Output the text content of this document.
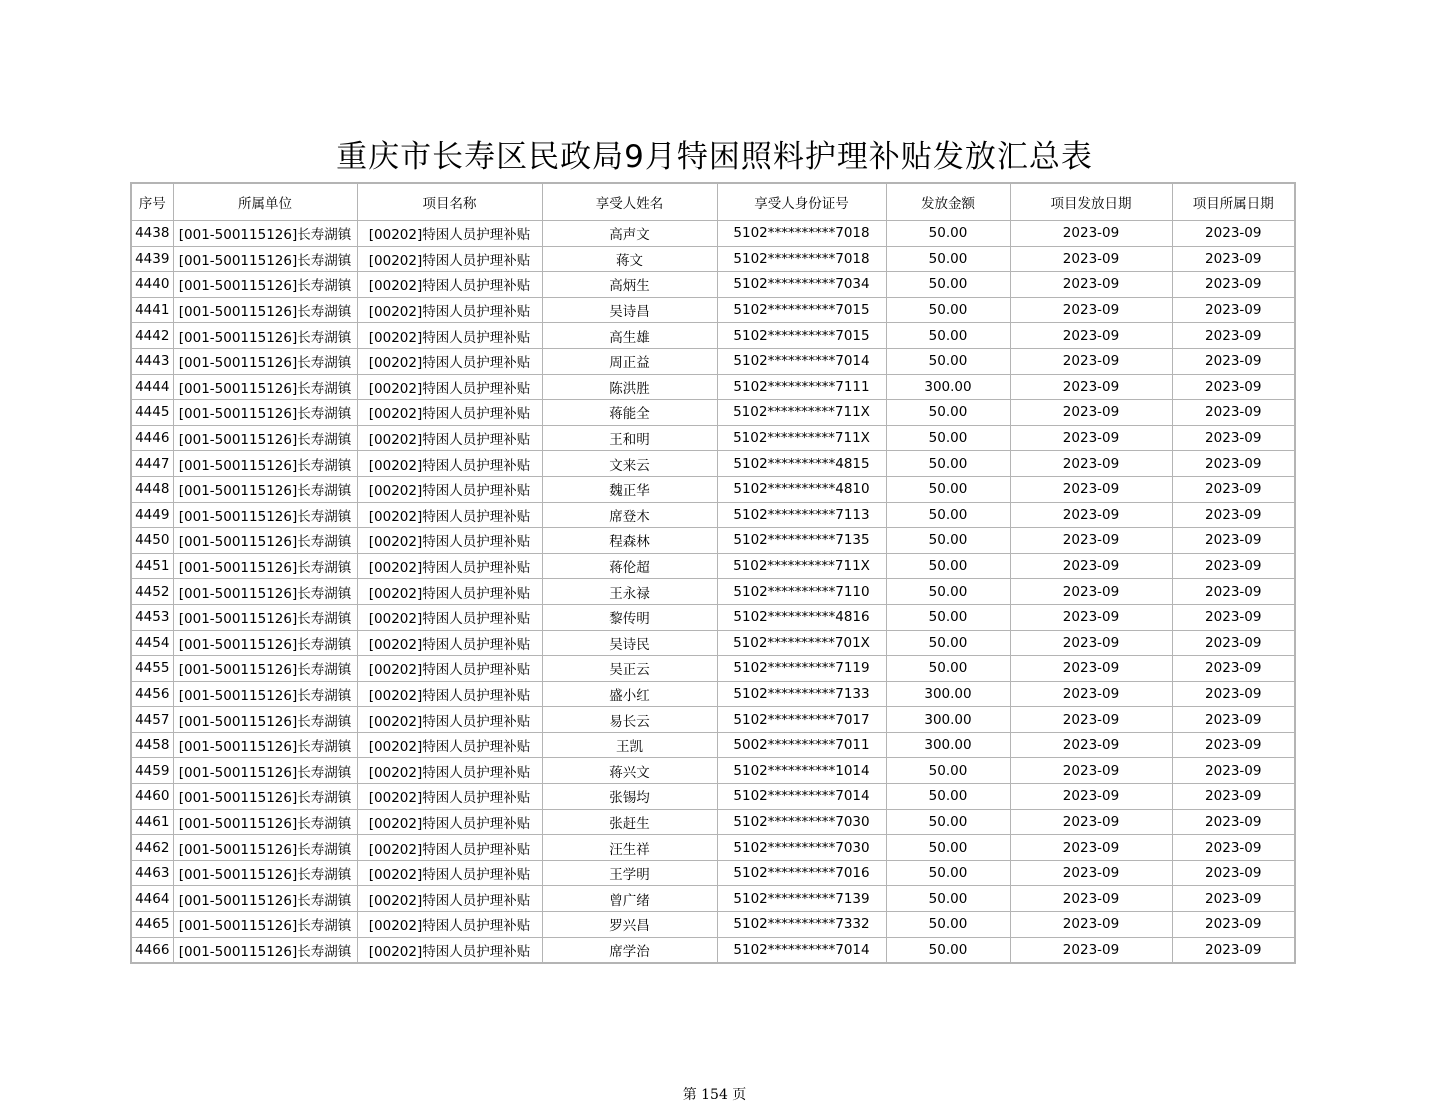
重庆市长寿区民政局9月特困照料护理补贴发放汇总表
序号	所属单位	项目名称	享受人姓名	享受人身份证号	发放金额	项目发放日期	项目所属日期
4438	[001-500115126]长寿湖镇	[00202]特困人员护理补贴	高声文	5102**********7018	50.00	2023-09	2023-09
4439	[001-500115126]长寿湖镇	[00202]特困人员护理补贴	蒋文	5102**********7018	50.00	2023-09	2023-09
4440	[001-500115126]长寿湖镇	[00202]特困人员护理补贴	高炳生	5102**********7034	50.00	2023-09	2023-09
4441	[001-500115126]长寿湖镇	[00202]特困人员护理补贴	吴诗昌	5102**********7015	50.00	2023-09	2023-09
4442	[001-500115126]长寿湖镇	[00202]特困人员护理补贴	高生雄	5102**********7015	50.00	2023-09	2023-09
4443	[001-500115126]长寿湖镇	[00202]特困人员护理补贴	周正益	5102**********7014	50.00	2023-09	2023-09
4444	[001-500115126]长寿湖镇	[00202]特困人员护理补贴	陈洪胜	5102**********7111	300.00	2023-09	2023-09
4445	[001-500115126]长寿湖镇	[00202]特困人员护理补贴	蒋能全	5102**********711X	50.00	2023-09	2023-09
4446	[001-500115126]长寿湖镇	[00202]特困人员护理补贴	王和明	5102**********711X	50.00	2023-09	2023-09
4447	[001-500115126]长寿湖镇	[00202]特困人员护理补贴	文来云	5102**********4815	50.00	2023-09	2023-09
4448	[001-500115126]长寿湖镇	[00202]特困人员护理补贴	魏正华	5102**********4810	50.00	2023-09	2023-09
4449	[001-500115126]长寿湖镇	[00202]特困人员护理补贴	席登木	5102**********7113	50.00	2023-09	2023-09
4450	[001-500115126]长寿湖镇	[00202]特困人员护理补贴	程森林	5102**********7135	50.00	2023-09	2023-09
4451	[001-500115126]长寿湖镇	[00202]特困人员护理补贴	蒋伦超	5102**********711X	50.00	2023-09	2023-09
4452	[001-500115126]长寿湖镇	[00202]特困人员护理补贴	王永禄	5102**********7110	50.00	2023-09	2023-09
4453	[001-500115126]长寿湖镇	[00202]特困人员护理补贴	黎传明	5102**********4816	50.00	2023-09	2023-09
4454	[001-500115126]长寿湖镇	[00202]特困人员护理补贴	吴诗民	5102**********701X	50.00	2023-09	2023-09
4455	[001-500115126]长寿湖镇	[00202]特困人员护理补贴	吴正云	5102**********7119	50.00	2023-09	2023-09
4456	[001-500115126]长寿湖镇	[00202]特困人员护理补贴	盛小红	5102**********7133	300.00	2023-09	2023-09
4457	[001-500115126]长寿湖镇	[00202]特困人员护理补贴	易长云	5102**********7017	300.00	2023-09	2023-09
4458	[001-500115126]长寿湖镇	[00202]特困人员护理补贴	王凯	5002**********7011	300.00	2023-09	2023-09
4459	[001-500115126]长寿湖镇	[00202]特困人员护理补贴	蒋兴文	5102**********1014	50.00	2023-09	2023-09
4460	[001-500115126]长寿湖镇	[00202]特困人员护理补贴	张锡均	5102**********7014	50.00	2023-09	2023-09
4461	[001-500115126]长寿湖镇	[00202]特困人员护理补贴	张赶生	5102**********7030	50.00	2023-09	2023-09
4462	[001-500115126]长寿湖镇	[00202]特困人员护理补贴	汪生祥	5102**********7030	50.00	2023-09	2023-09
4463	[001-500115126]长寿湖镇	[00202]特困人员护理补贴	王学明	5102**********7016	50.00	2023-09	2023-09
4464	[001-500115126]长寿湖镇	[00202]特困人员护理补贴	曾广绪	5102**********7139	50.00	2023-09	2023-09
4465	[001-500115126]长寿湖镇	[00202]特困人员护理补贴	罗兴昌	5102**********7332	50.00	2023-09	2023-09
4466	[001-500115126]长寿湖镇	[00202]特困人员护理补贴	席学治	5102**********7014	50.00	2023-09	2023-09
第 154 页
